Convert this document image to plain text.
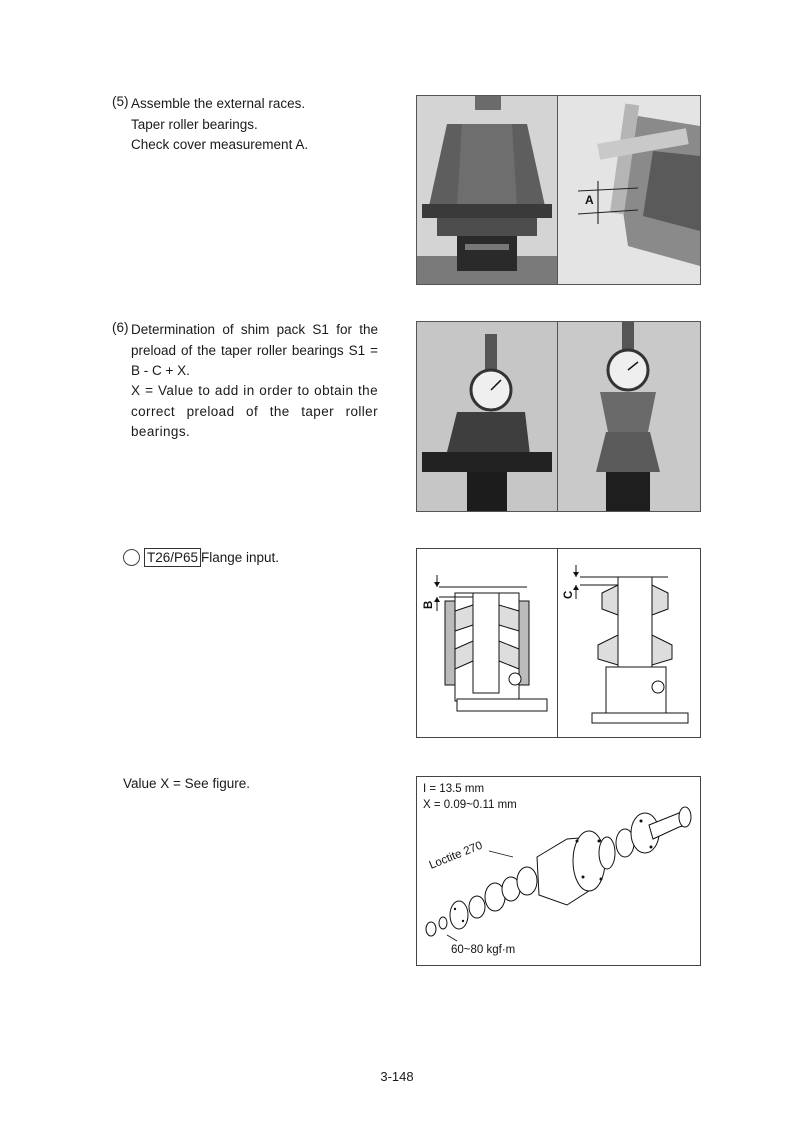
(5) Assemble the external races.
Taper roller bearings.
Check cover measurement A.
A
(6) Determination of shim pack S1 for the preload of the taper roller bearings S1 = B - C + X.
X = Value to add in order to obtain the correct preload of the taper roller bearings.
T26/P65 Flange input.
B
C
Value X = See figure.	I = 13.5 mm
X = 0.09~0.11 mm
Loctite 270
60~80 kgf·m
3-148
